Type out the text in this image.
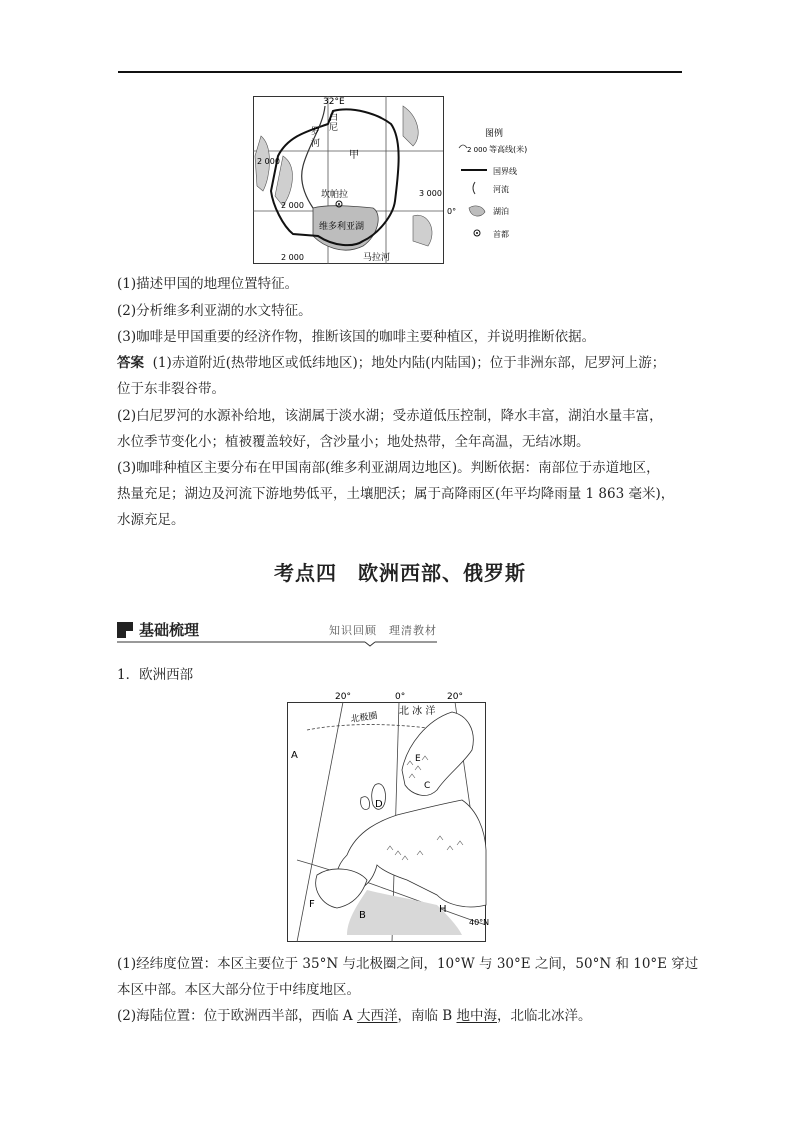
32°E
白
尼
罗
河
甲
2 000
2 000
2 000
3 000
0°
坎帕拉
维多利亚湖
马拉河
图例
2 000 等高线(米)
国界线
河流
湖泊
首都
(1)描述甲国的地理位置特征。
(2)分析维多利亚湖的水文特征。
(3)咖啡是甲国重要的经济作物，推断该国的咖啡主要种植区，并说明推断依据。
答案 (1)赤道附近(热带地区或低纬地区)；地处内陆(内陆国)；位于非洲东部，尼罗河上游；
位于东非裂谷带。
(2)白尼罗河的水源补给地，该湖属于淡水湖；受赤道低压控制，降水丰富，湖泊水量丰富，
水位季节变化小；植被覆盖较好，含沙量小；地处热带，全年高温，无结冰期。
(3)咖啡种植区主要分布在甲国南部(维多利亚湖周边地区)。判断依据：南部位于赤道地区，
热量充足；湖边及河流下游地势低平，土壤肥沃；属于高降雨区(年平均降雨量 1 863 毫米)，
水源充足。
考点四　欧洲西部、俄罗斯
基础梳理	知识回顾　理清教材
1．欧洲西部
20°	0°	20°
北极圈 北 冰 洋
A
D
E
C
F
B
H
40°N
(1)经纬度位置：本区主要位于 35°N 与北极圈之间，10°W 与 30°E 之间，50°N 和 10°E 穿过
本区中部。本区大部分位于中纬度地区。
(2)海陆位置：位于欧洲西半部，西临 A 大西洋，南临 B 地中海，北临北冰洋。
